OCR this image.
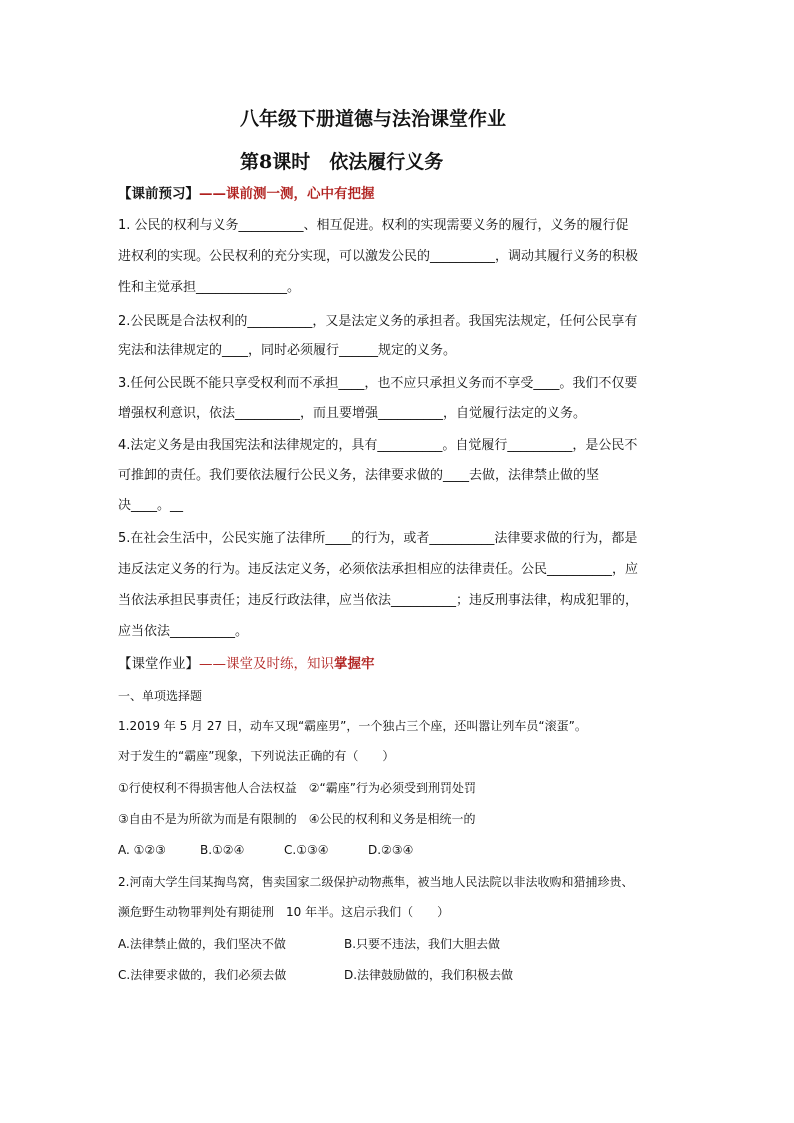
八年级下册道德与法治课堂作业
第8课时　依法履行义务
【课前预习】——课前测一测，心中有把握
1. 公民的权利与义务__________、相互促进。权利的实现需要义务的履行，义务的履行促
进权利的实现。公民权利的充分实现，可以激发公民的__________，调动其履行义务的积极
性和主觉承担______________。
2.公民既是合法权利的__________，又是法定义务的承担者。我国宪法规定，任何公民享有
宪法和法律规定的____，同时必须履行______规定的义务。
3.任何公民既不能只享受权利而不承担____，也不应只承担义务而不享受____。我们不仅要
增强权利意识，依法__________，而且要增强__________，自觉履行法定的义务。
4.法定义务是由我国宪法和法律规定的，具有__________。自觉履行__________，是公民不
可推卸的责任。我们要依法履行公民义务，法律要求做的____去做，法律禁止做的坚
决____。__
5.在社会生活中，公民实施了法律所____的行为，或者__________法律要求做的行为，都是
违反法定义务的行为。违反法定义务，必须依法承担相应的法律责任。公民__________，应
当依法承担民事责任；违反行政法律，应当依法__________；违反刑事法律，构成犯罪的，
应当依法__________。
【课堂作业】——课堂及时练，知识掌握牢
一、单项选择题
1.2019 年 5 月 27 日，动车又现“霸座男”，一个独占三个座，还叫嚣让列车员“滚蛋”。
对于发生的“霸座”现象，下列说法正确的有（　　）
①行使权利不得损害他人合法权益　②“霸座”行为必须受到刑罚处罚
③自由不是为所欲为而是有限制的　④公民的权利和义务是相统一的
A. ①②③	B.①②④	C.①③④	D.②③④
2.河南大学生闫某掏鸟窝，售卖国家二级保护动物燕隼，被当地人民法院以非法收购和猎捕珍贵、
濒危野生动物罪判处有期徒刑　10 年半。这启示我们（　　）
A.法律禁止做的，我们坚决不做	B.只要不违法，我们大胆去做
C.法律要求做的，我们必须去做	D.法律鼓励做的，我们积极去做
